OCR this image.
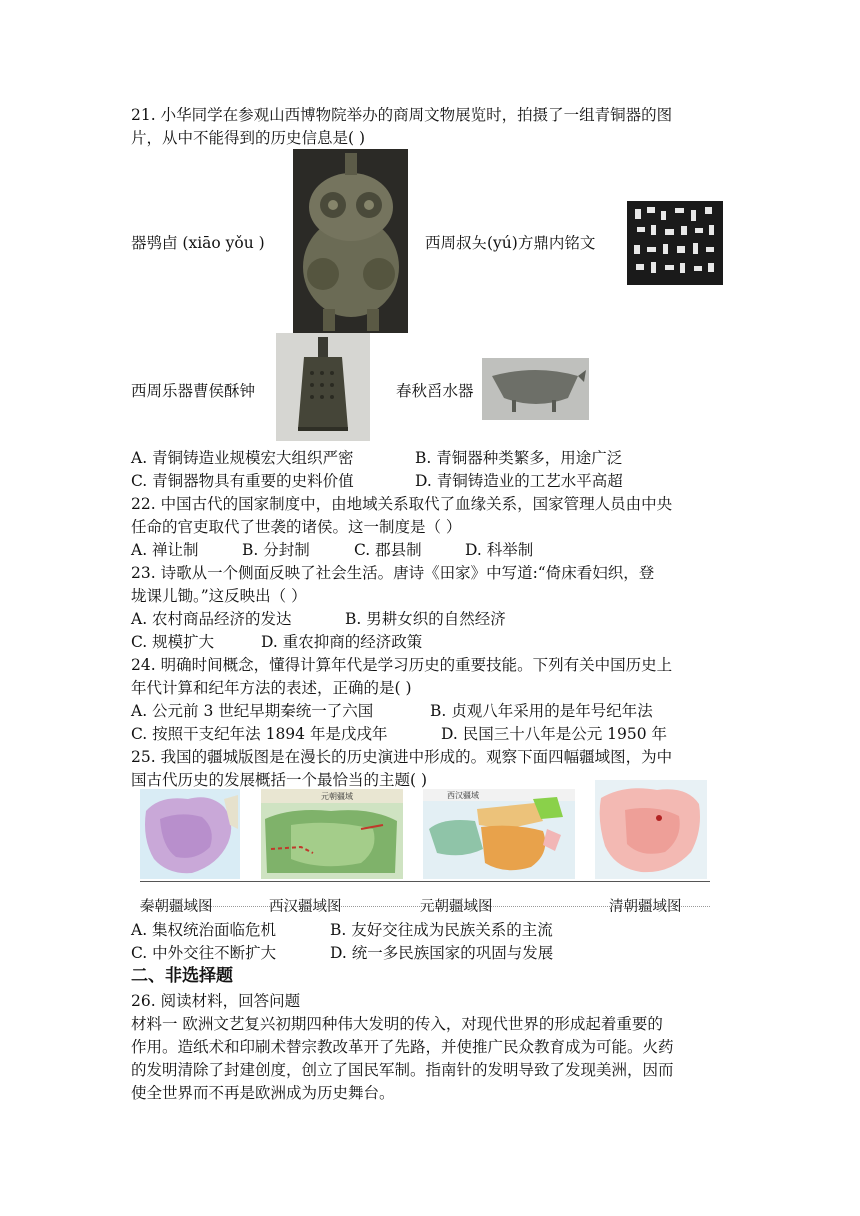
21. 小华同学在参观山西博物院举办的商周文物展览时，拍摄了一组青铜器的图
片，从中不能得到的历史信息是( )
器鸮卣 (xiāo yǒu )	西周叔夨(yú)方鼎内铭文
西周乐器曹侯酥钟	春秋舀水器
A. 青铜铸造业规模宏大组织严密	B. 青铜器种类繁多，用途广泛
C. 青铜器物具有重要的史料价值	D. 青铜铸造业的工艺水平高超
22. 中国古代的国家制度中，由地域关系取代了血缘关系，国家管理人员由中央
任命的官吏取代了世袭的诸侯。这一制度是（ ）
A. 禅让制	B. 分封制	C. 郡县制	D. 科举制
23. 诗歌从一个侧面反映了社会生活。唐诗《田家》中写道:“倚床看妇织，登
垅课儿锄。”这反映出（ ）
A. 农村商品经济的发达	B. 男耕女织的自然经济
C. 规模扩大	D. 重农抑商的经济政策
24. 明确时间概念，懂得计算年代是学习历史的重要技能。下列有关中国历史上
年代计算和纪年方法的表述，正确的是( )
A. 公元前 3 世纪早期秦统一了六国	B. 贞观八年采用的是年号纪年法
C. 按照干支纪年法 1894 年是戊戌年	D. 民国三十八年是公元 1950 年
25. 我国的疆城版图是在漫长的历史演进中形成的。观察下面四幅疆域图，为中
国古代历史的发展概括一个最恰当的主题( )
元朝疆域	西汉疆域
秦朝疆域图	西汉疆域图	元朝疆域图	清朝疆域图
A. 集权统治面临危机	B. 友好交往成为民族关系的主流
C. 中外交往不断扩大	D. 统一多民族国家的巩固与发展
二、非选择题
26. 阅读材料，回答问题
材料一 欧洲文艺复兴初期四种伟大发明的传入，对现代世界的形成起着重要的
作用。造纸术和印刷术替宗教改革开了先路，并使推广民众教育成为可能。火药
的发明清除了封建创度，创立了国民军制。指南针的发明导致了发现美洲，因而
使全世界而不再是欧洲成为历史舞台。
